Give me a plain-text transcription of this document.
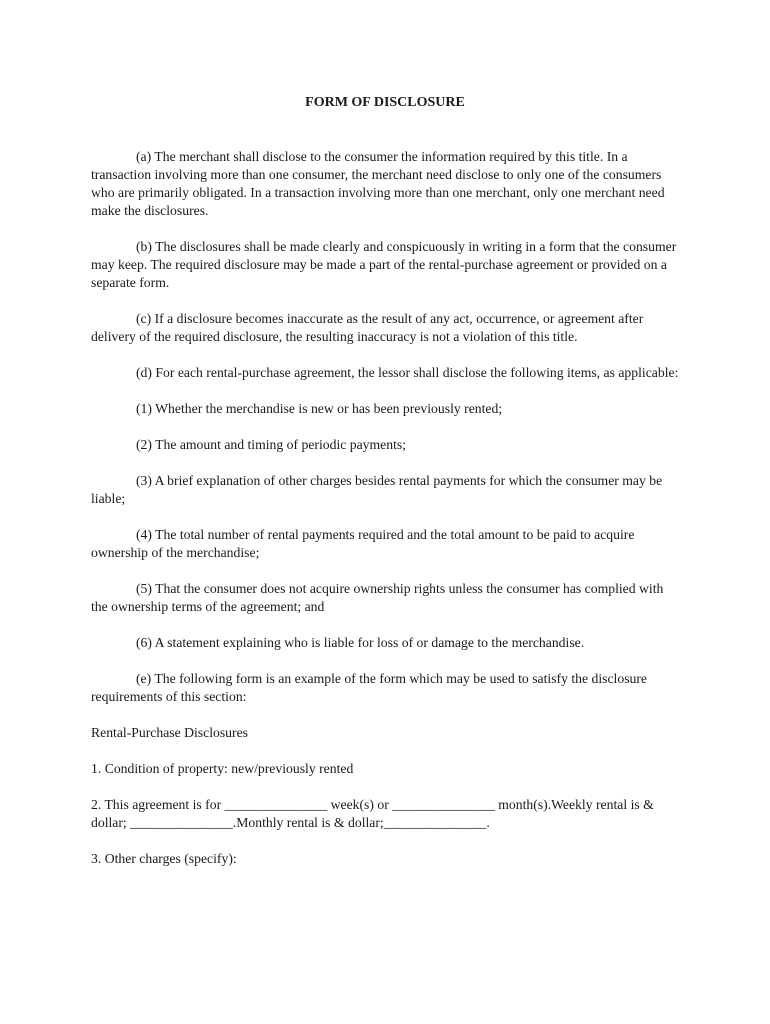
FORM OF DISCLOSURE

(a) The merchant shall disclose to the consumer the information required by this title. In a transaction involving more than one consumer, the merchant need disclose to only one of the consumers who are primarily obligated. In a transaction involving more than one merchant, only one merchant need make the disclosures.

(b) The disclosures shall be made clearly and conspicuously in writing in a form that the consumer may keep. The required disclosure may be made a part of the rental-purchase agreement or provided on a separate form.

(c) If a disclosure becomes inaccurate as the result of any act, occurrence, or agreement after delivery of the required disclosure, the resulting inaccuracy is not a violation of this title.

(d) For each rental-purchase agreement, the lessor shall disclose the following items, as applicable:

(1) Whether the merchandise is new or has been previously rented;

(2) The amount and timing of periodic payments;

(3) A brief explanation of other charges besides rental payments for which the consumer may be liable;

(4) The total number of rental payments required and the total amount to be paid to acquire ownership of the merchandise;

(5) That the consumer does not acquire ownership rights unless the consumer has complied with the ownership terms of the agreement; and

(6) A statement explaining who is liable for loss of or damage to the merchandise.

(e) The following form is an example of the form which may be used to satisfy the disclosure requirements of this section:

Rental-Purchase Disclosures

1. Condition of property: new/previously rented

2. This agreement is for _______________ week(s) or _______________ month(s).Weekly rental is & dollar; _______________.Monthly rental is & dollar;_______________.

3. Other charges (specify):
